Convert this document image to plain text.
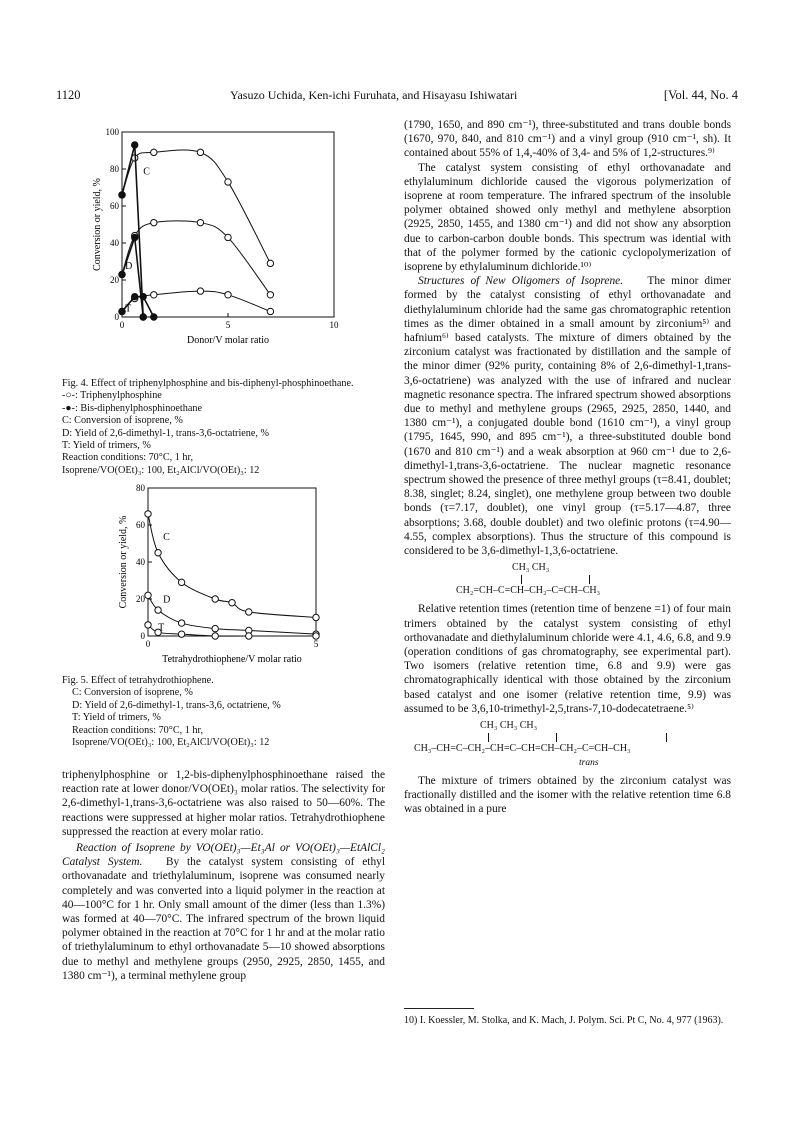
1120	Yasuzo Uchida, Ken-ichi Furuhata, and Hisayasu Ishiwatari	[Vol. 44, No. 4
0
20
40
60
80
100
0	5	10
Donor/V molar ratio
Conversion or yield, %
C
D
T

Fig. 4. Effect of triphenylphosphine and bis-diphenyl-phosphinoethane.

-○-: Triphenylphosphine

-●-: Bis-diphenylphosphinoethane

C: Conversion of isoprene, %

D: Yield of 2,6-dimethyl-1, trans-3,6-octatriene, %

T: Yield of trimers, %

Reaction conditions: 70°C, 1 hr,

Isoprene/VO(OEt)₃: 100, Et₂AlCl/VO(OEt)₃: 12

0
20
40
60
80
0	5
Tetrahydrothiophene/V molar ratio
Conversion or yield, %	C
D
T

Fig. 5. Effect of tetrahydrothiophene.

C: Conversion of isoprene, %

D: Yield of 2,6-dimethyl-1, trans-3,6, octatriene, %

T: Yield of trimers, %

Reaction conditions: 70°C, 1 hr,

Isoprene/VO(OEt)₃: 100, Et₂AlCl/VO(OEt)₃: 12

triphenylphosphine or 1,2-bis-diphenylphosphinoethane raised the reaction rate at lower donor/VO(OEt)₃ molar ratios. The selectivity for 2,6-dimethyl-1,trans-3,6-octatriene was also raised to 50—60%. The reactions were suppressed at higher molar ratios. Tetrahydrothiophene suppressed the reaction at every molar ratio.

Reaction of Isoprene by VO(OEt)₃—Et₃Al or VO(OEt)₃—EtAlCl₂ Catalyst System. By the catalyst system consisting of ethyl orthovanadate and triethylaluminum, isoprene was consumed nearly completely and was converted into a liquid polymer in the reaction at 40—100°C for 1 hr. Only small amount of the dimer (less than 1.3%) was formed at 40—70°C. The infrared spectrum of the brown liquid polymer obtained in the reaction at 70°C for 1 hr and at the molar ratio of triethylaluminum to ethyl orthovanadate 5—10 showed absorptions due to methyl and methylene groups (2950, 2925, 2850, 1455, and 1380 cm⁻¹), a terminal methylene group

(1790, 1650, and 890 cm⁻¹), three-substituted and trans double bonds (1670, 970, 840, and 810 cm⁻¹) and a vinyl group (910 cm⁻¹, sh). It contained about 55% of 1,4,-40% of 3,4- and 5% of 1,2-structures.⁹⁾

The catalyst system consisting of ethyl orthovanadate and ethylaluminum dichloride caused the vigorous polymerization of isoprene at room temperature. The infrared spectrum of the insoluble polymer obtained showed only methyl and methylene absorption (2925, 2850, 1455, and 1380 cm⁻¹) and did not show any absorption due to carbon-carbon double bonds. This spectrum was idential with that of the polymer formed by the cationic cyclopolymerization of isoprene by ethylaluminum dichloride.¹⁰⁾

Structures of New Oligomers of Isoprene. The minor dimer formed by the catalyst consisting of ethyl orthovanadate and diethylaluminum chloride had the same gas chromatographic retention times as the dimer obtained in a small amount by zirconium⁵⁾ and hafnium⁶⁾ based catalysts. The mixture of dimers obtained by the zirconium catalyst was fractionated by distillation and the sample of the minor dimer (92% purity, containing 8% of 2,6-dimethyl-1,trans-3,6-octatriene) was analyzed with the use of infrared and nuclear magnetic resonance spectra. The infrared spectrum showed absorptions due to methyl and methylene groups (2965, 2925, 2850, 1440, and 1380 cm⁻¹), a conjugated double bond (1610 cm⁻¹), a vinyl group (1795, 1645, 990, and 895 cm⁻¹), a three-substituted double bond (1670 and 810 cm⁻¹) and a weak absorption at 960 cm⁻¹ due to 2,6-dimethyl-1,trans-3,6-octatriene. The nuclear magnetic resonance spectrum showed the presence of three methyl groups (τ=8.41, doublet; 8.38, singlet; 8.24, singlet), one methylene group between two double bonds (τ=7.17, doublet), one vinyl group (τ=5.17—4.87, three absorptions; 3.68, double doublet) and two olefinic protons (τ=4.90—4.55, complex absorptions). Thus the structure of this compound is considered to be 3,6-dimethyl-1,3,6-octatriene.

CH₃ CH₃
CH₂=CH–C=CH–CH₂–C=CH–CH₃

Relative retention times (retention time of benzene =1) of four main trimers obtained by the catalyst system consisting of ethyl orthovanadate and diethylaluminum chloride were 4.1, 4.6, 6.8, and 9.9 (operation conditions of gas chromatography, see experimental part). Two isomers (relative retention time, 6.8 and 9.9) were gas chromatographically identical with those obtained by the zirconium based catalyst and one isomer (relative retention time, 9.9) was assumed to be 3,6,10-trimethyl-2,5,trans-7,10-dodecatetraene.⁵⁾

CH₃ CH₃ CH₃
CH₃–CH=C–CH₂–CH=C–CH=CH–CH₂–C=CH–CH₃
trans

The mixture of trimers obtained by the zirconium catalyst was fractionally distilled and the isomer with the relative retention time 6.8 was obtained in a pure

10) I. Koessler, M. Stolka, and K. Mach, J. Polym. Sci. Pt C, No. 4, 977 (1963).
